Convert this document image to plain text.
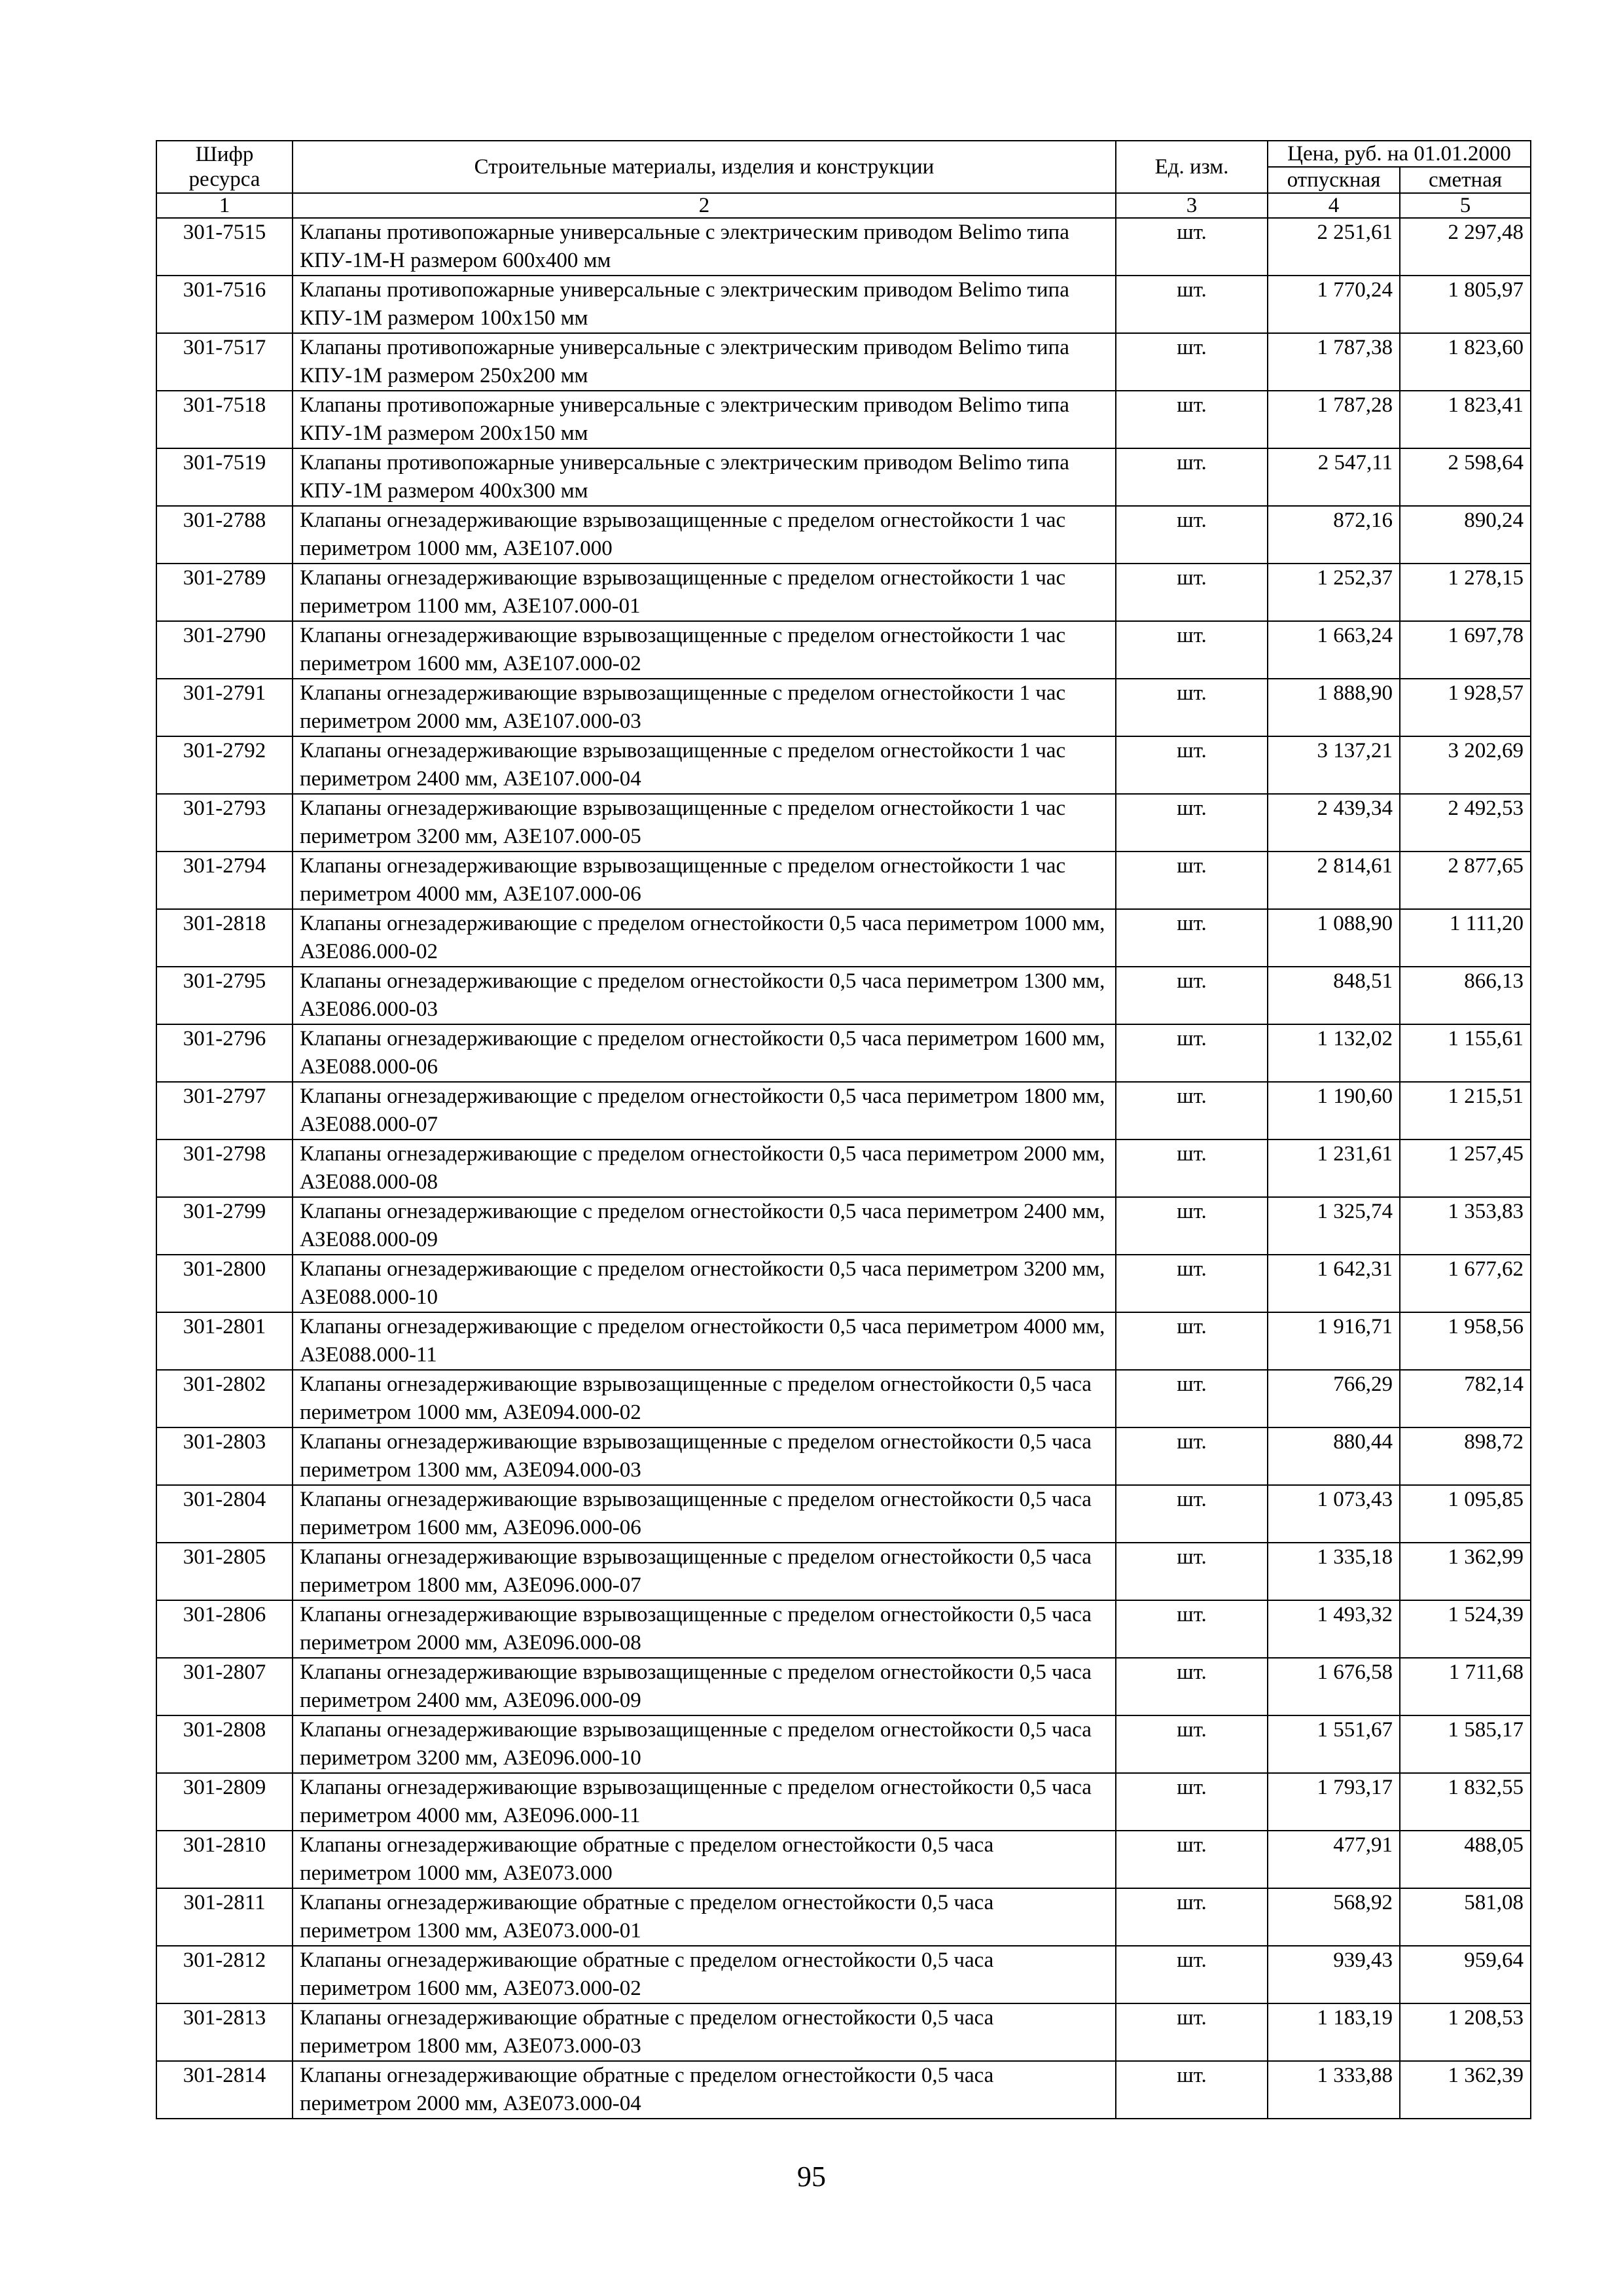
Шифр ресурса	Строительные материалы, изделия и конструкции	Ед. изм.	Цена, руб. на 01.01.2000	
			отпускная	сметная
1	2	3	4	5
301-7515	Клапаны противопожарные универсальные с электрическим приводом Belimo типа КПУ-1М-Н размером 600х400 мм	шт.	2 251,61	2 297,48
301-7516	Клапаны противопожарные универсальные с электрическим приводом Belimo типа КПУ-1М размером 100х150 мм	шт.	1 770,24	1 805,97
301-7517	Клапаны противопожарные универсальные с электрическим приводом Belimo типа КПУ-1М размером 250х200 мм	шт.	1 787,38	1 823,60
301-7518	Клапаны противопожарные универсальные с электрическим приводом Belimo типа КПУ-1М размером 200х150 мм	шт.	1 787,28	1 823,41
301-7519	Клапаны противопожарные универсальные с электрическим приводом Belimo типа КПУ-1М размером 400х300 мм	шт.	2 547,11	2 598,64
301-2788	Клапаны огнезадерживающие взрывозащищенные с пределом огнестойкости 1 час периметром 1000 мм, АЗЕ107.000	шт.	872,16	890,24
301-2789	Клапаны огнезадерживающие взрывозащищенные с пределом огнестойкости 1 час периметром 1100 мм, АЗЕ107.000-01	шт.	1 252,37	1 278,15
301-2790	Клапаны огнезадерживающие взрывозащищенные с пределом огнестойкости 1 час периметром 1600 мм, АЗЕ107.000-02	шт.	1 663,24	1 697,78
301-2791	Клапаны огнезадерживающие взрывозащищенные с пределом огнестойкости 1 час периметром 2000 мм, АЗЕ107.000-03	шт.	1 888,90	1 928,57
301-2792	Клапаны огнезадерживающие взрывозащищенные с пределом огнестойкости 1 час периметром 2400 мм, АЗЕ107.000-04	шт.	3 137,21	3 202,69
301-2793	Клапаны огнезадерживающие взрывозащищенные с пределом огнестойкости 1 час периметром 3200 мм, АЗЕ107.000-05	шт.	2 439,34	2 492,53
301-2794	Клапаны огнезадерживающие взрывозащищенные с пределом огнестойкости 1 час периметром 4000 мм, АЗЕ107.000-06	шт.	2 814,61	2 877,65
301-2818	Клапаны огнезадерживающие с пределом огнестойкости 0,5 часа периметром 1000 мм, АЗЕ086.000-02	шт.	1 088,90	1 111,20
301-2795	Клапаны огнезадерживающие с пределом огнестойкости 0,5 часа периметром 1300 мм, АЗЕ086.000-03	шт.	848,51	866,13
301-2796	Клапаны огнезадерживающие с пределом огнестойкости 0,5 часа периметром 1600 мм, АЗЕ088.000-06	шт.	1 132,02	1 155,61
301-2797	Клапаны огнезадерживающие с пределом огнестойкости 0,5 часа периметром 1800 мм, АЗЕ088.000-07	шт.	1 190,60	1 215,51
301-2798	Клапаны огнезадерживающие с пределом огнестойкости 0,5 часа периметром 2000 мм, АЗЕ088.000-08	шт.	1 231,61	1 257,45
301-2799	Клапаны огнезадерживающие с пределом огнестойкости 0,5 часа периметром 2400 мм, АЗЕ088.000-09	шт.	1 325,74	1 353,83
301-2800	Клапаны огнезадерживающие с пределом огнестойкости 0,5 часа периметром 3200 мм, АЗЕ088.000-10	шт.	1 642,31	1 677,62
301-2801	Клапаны огнезадерживающие с пределом огнестойкости 0,5 часа периметром 4000 мм, АЗЕ088.000-11	шт.	1 916,71	1 958,56
301-2802	Клапаны огнезадерживающие взрывозащищенные с пределом огнестойкости 0,5 часа периметром 1000 мм, АЗЕ094.000-02	шт.	766,29	782,14
301-2803	Клапаны огнезадерживающие взрывозащищенные с пределом огнестойкости 0,5 часа периметром 1300 мм, АЗЕ094.000-03	шт.	880,44	898,72
301-2804	Клапаны огнезадерживающие взрывозащищенные с пределом огнестойкости 0,5 часа периметром 1600 мм, АЗЕ096.000-06	шт.	1 073,43	1 095,85
301-2805	Клапаны огнезадерживающие взрывозащищенные с пределом огнестойкости 0,5 часа периметром 1800 мм, АЗЕ096.000-07	шт.	1 335,18	1 362,99
301-2806	Клапаны огнезадерживающие взрывозащищенные с пределом огнестойкости 0,5 часа периметром 2000 мм, АЗЕ096.000-08	шт.	1 493,32	1 524,39
301-2807	Клапаны огнезадерживающие взрывозащищенные с пределом огнестойкости 0,5 часа периметром 2400 мм, АЗЕ096.000-09	шт.	1 676,58	1 711,68
301-2808	Клапаны огнезадерживающие взрывозащищенные с пределом огнестойкости 0,5 часа периметром 3200 мм, АЗЕ096.000-10	шт.	1 551,67	1 585,17
301-2809	Клапаны огнезадерживающие взрывозащищенные с пределом огнестойкости 0,5 часа периметром 4000 мм, АЗЕ096.000-11	шт.	1 793,17	1 832,55
301-2810	Клапаны огнезадерживающие обратные с пределом огнестойкости 0,5 часа периметром 1000 мм, АЗЕ073.000	шт.	477,91	488,05
301-2811	Клапаны огнезадерживающие обратные с пределом огнестойкости 0,5 часа периметром 1300 мм, АЗЕ073.000-01	шт.	568,92	581,08
301-2812	Клапаны огнезадерживающие обратные с пределом огнестойкости 0,5 часа периметром 1600 мм, АЗЕ073.000-02	шт.	939,43	959,64
301-2813	Клапаны огнезадерживающие обратные с пределом огнестойкости 0,5 часа периметром 1800 мм, АЗЕ073.000-03	шт.	1 183,19	1 208,53
301-2814	Клапаны огнезадерживающие обратные с пределом огнестойкости 0,5 часа периметром 2000 мм, АЗЕ073.000-04	шт.	1 333,88	1 362,39
95
